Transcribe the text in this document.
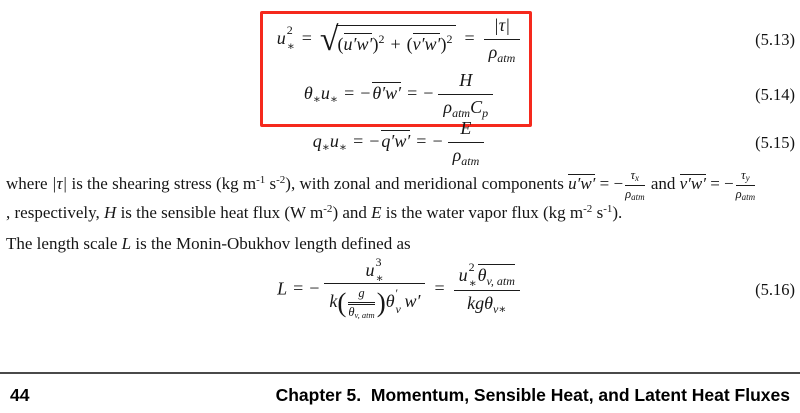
u 2
∗ = √ $(u'w')^2 + (v'w')^2 = \frac{|\tau|}{\rho_{atm}}$	(5.13)
$\theta_∗u_∗$ = − θ′w′ = − $\frac{H}{\rho_{atm}C_p}$	(5.14)
$q_∗u_∗$ = − q′w′ = − $\frac{E}{\rho_{atm}}$	(5.15)
where |τ| is the shearing stress (kg $m^{-1}$ $s^{-2}$), with zonal and meridional components u′w′ = − τx
ρatm
and v′w′ = − τy
ρatm
, respectively, H is the sensible heat flux (W $m^{-2}$) and E is the water vapor flux (kg $m^{-2}$ $s^{-1}$).
The length scale L is the Monin-Obukhov length defined as
L = − u 3
∗
k( g
θv, atm )θ ′
v w′ = u 2
∗ $\theta_{v, atm}$
kgθ$_{v∗}$	(5.16)
44	Chapter 5.  Momentum, Sensible Heat, and Latent Heat Fluxes
